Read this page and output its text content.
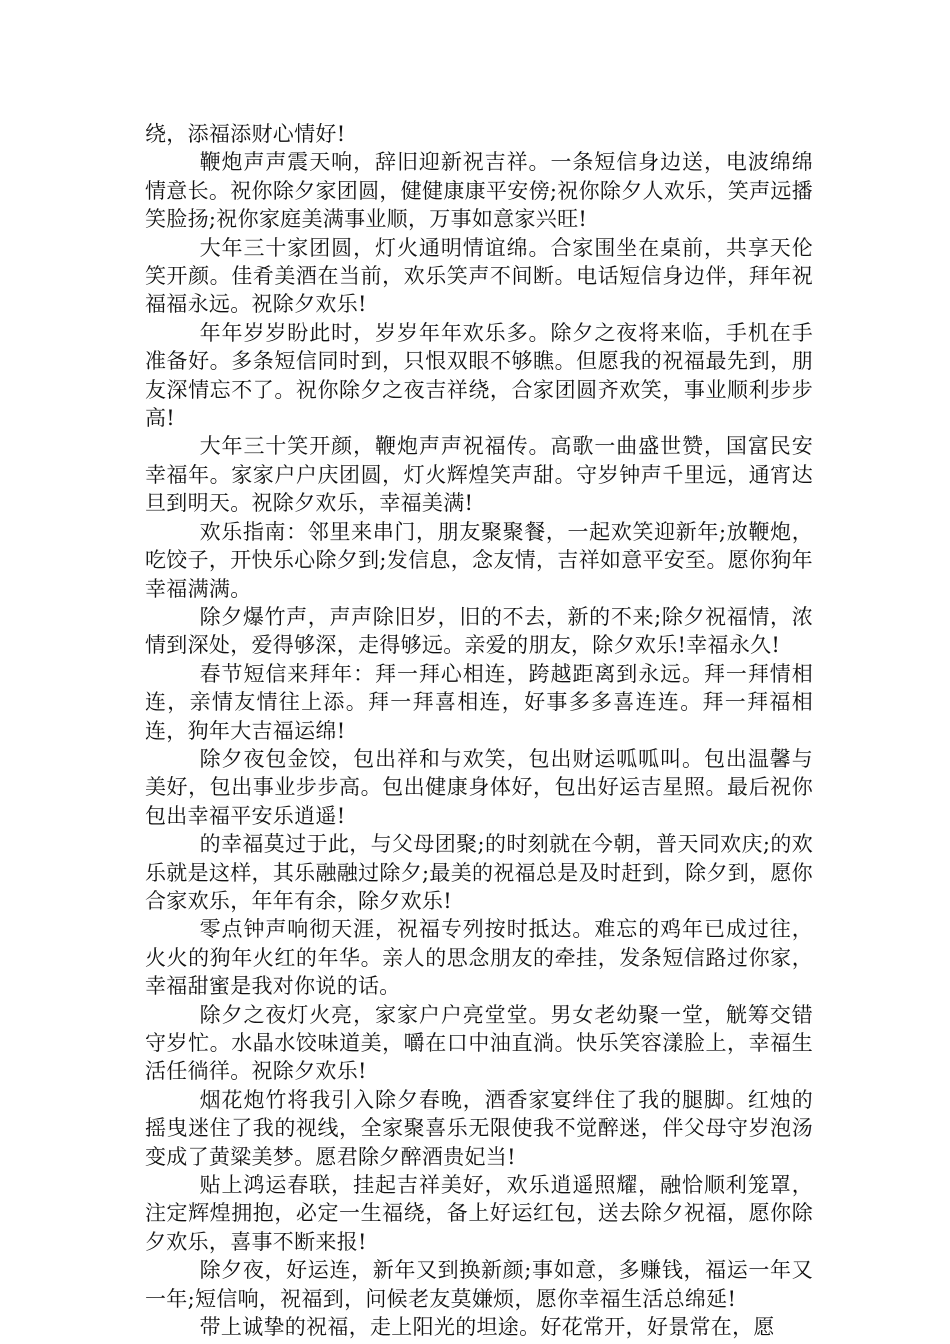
绕，添福添财心情好!

鞭炮声声震天响，辞旧迎新祝吉祥。一条短信身边送，电波绵绵情意长。祝你除夕家团圆，健健康康平安傍;祝你除夕人欢乐，笑声远播笑脸扬;祝你家庭美满事业顺，万事如意家兴旺!

大年三十家团圆，灯火通明情谊绵。合家围坐在桌前，共享天伦笑开颜。佳肴美酒在当前，欢乐笑声不间断。电话短信身边伴，拜年祝福福永远。祝除夕欢乐!

年年岁岁盼此时，岁岁年年欢乐多。除夕之夜将来临，手机在手准备好。多条短信同时到，只恨双眼不够瞧。但愿我的祝福最先到，朋友深情忘不了。祝你除夕之夜吉祥绕，合家团圆齐欢笑，事业顺利步步高!

大年三十笑开颜，鞭炮声声祝福传。高歌一曲盛世赞，国富民安幸福年。家家户户庆团圆，灯火辉煌笑声甜。守岁钟声千里远，通宵达旦到明天。祝除夕欢乐，幸福美满!

欢乐指南：邻里来串门，朋友聚聚餐，一起欢笑迎新年;放鞭炮，吃饺子，开快乐心除夕到;发信息，念友情，吉祥如意平安至。愿你狗年幸福满满。

除夕爆竹声，声声除旧岁，旧的不去，新的不来;除夕祝福情，浓情到深处，爱得够深，走得够远。亲爱的朋友，除夕欢乐!幸福永久!

春节短信来拜年：拜一拜心相连，跨越距离到永远。拜一拜情相连，亲情友情往上添。拜一拜喜相连，好事多多喜连连。拜一拜福相连，狗年大吉福运绵!

除夕夜包金饺，包出祥和与欢笑，包出财运呱呱叫。包出温馨与美好，包出事业步步高。包出健康身体好，包出好运吉星照。最后祝你包出幸福平安乐逍遥!

的幸福莫过于此，与父母团聚;的时刻就在今朝，普天同欢庆;的欢乐就是这样，其乐融融过除夕;最美的祝福总是及时赶到，除夕到，愿你合家欢乐，年年有余，除夕欢乐!

零点钟声响彻天涯，祝福专列按时抵达。难忘的鸡年已成过往，火火的狗年火红的年华。亲人的思念朋友的牵挂，发条短信路过你家，幸福甜蜜是我对你说的话。

除夕之夜灯火亮，家家户户亮堂堂。男女老幼聚一堂，觥筹交错守岁忙。水晶水饺味道美，嚼在口中油直淌。快乐笑容漾脸上，幸福生活任徜徉。祝除夕欢乐!

烟花炮竹将我引入除夕春晚，酒香家宴绊住了我的腿脚。红烛的摇曳迷住了我的视线，全家聚喜乐无限使我不觉醉迷，伴父母守岁泡汤变成了黄粱美梦。愿君除夕醉酒贵妃当!

贴上鸿运春联，挂起吉祥美好，欢乐逍遥照耀，融恰顺利笼罩，注定辉煌拥抱，必定一生福绕，备上好运红包，送去除夕祝福，愿你除夕欢乐，喜事不断来报!

除夕夜，好运连，新年又到换新颜;事如意，多赚钱，福运一年又一年;短信响，祝福到，问候老友莫嫌烦，愿你幸福生活总绵延!

带上诚挚的祝福，走上阳光的坦途。好花常开，好景常在，愿
